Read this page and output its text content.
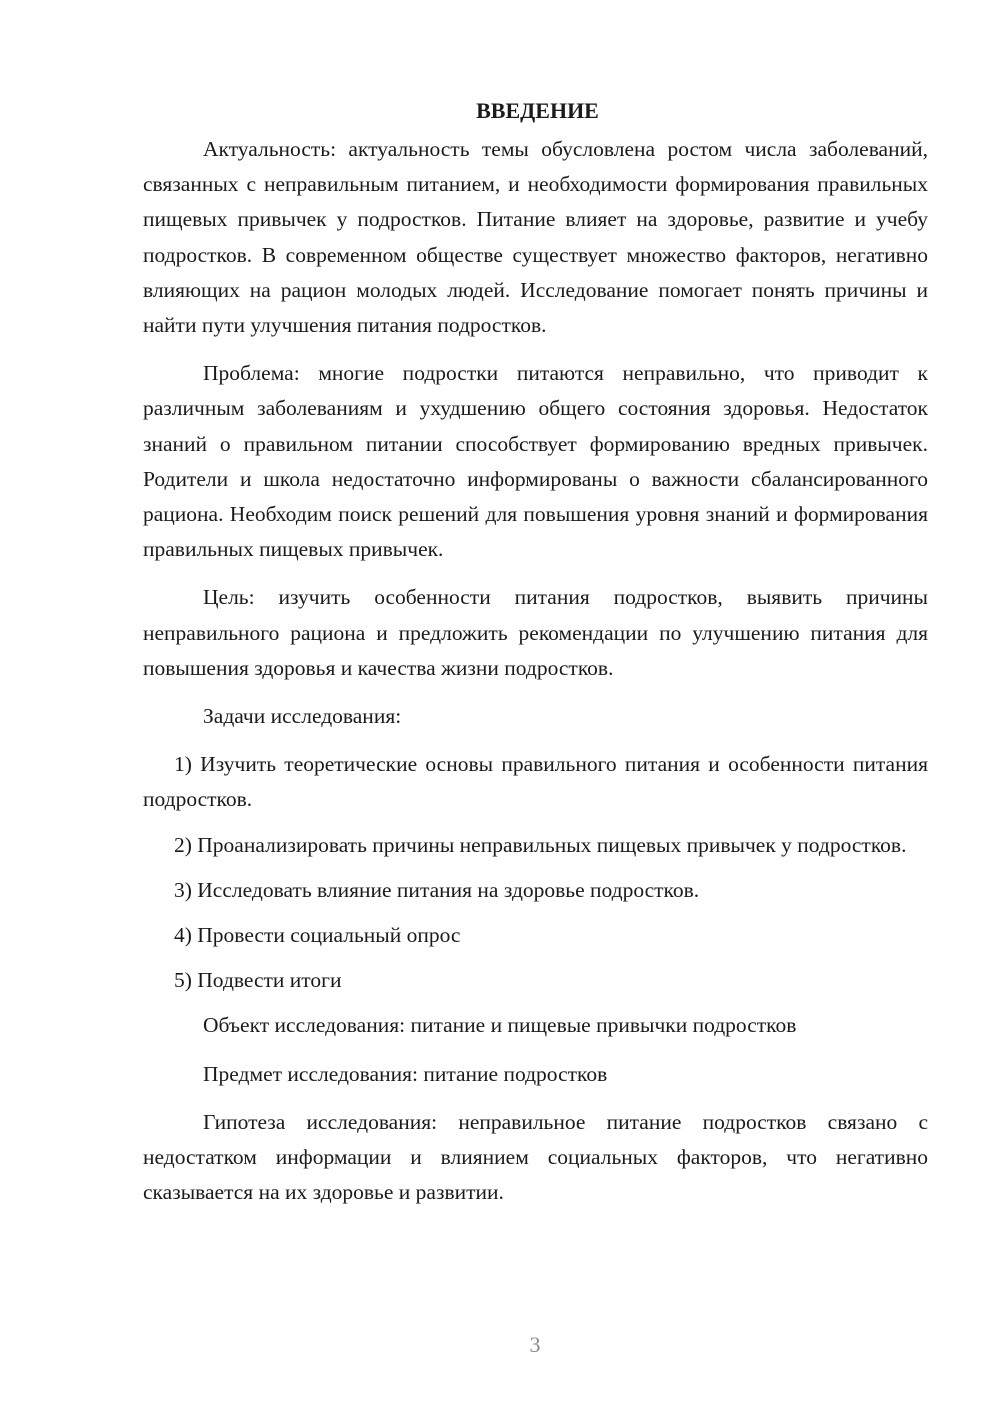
ВВЕДЕНИЕ

Актуальность: актуальность темы обусловлена ростом числа заболеваний, связанных с неправильным питанием, и необходимости формирования правильных пищевых привычек у подростков. Питание влияет на здоровье, развитие и учебу подростков. В современном обществе существует множество факторов, негативно влияющих на рацион молодых людей. Исследование помогает понять причины и найти пути улучшения питания подростков.

Проблема: многие подростки питаются неправильно, что приводит к различным заболеваниям и ухудшению общего состояния здоровья. Недостаток знаний о правильном питании способствует формированию вредных привычек. Родители и школа недостаточно информированы о важности сбалансированного рациона. Необходим поиск решений для повышения уровня знаний и формирования правильных пищевых привычек.

Цель: изучить особенности питания подростков, выявить причины неправильного рациона и предложить рекомендации по улучшению питания для повышения здоровья и качества жизни подростков.

Задачи исследования:

1) Изучить теоретические основы правильного питания и особенности питания подростков.

2) Проанализировать причины неправильных пищевых привычек у подростков.

3) Исследовать влияние питания на здоровье подростков.

4) Провести социальный опрос

5) Подвести итоги

Объект исследования: питание и пищевые привычки подростков

Предмет исследования: питание подростков

Гипотеза исследования: неправильное питание подростков связано с недостатком информации и влиянием социальных факторов, что негативно сказывается на их здоровье и развитии.

3
